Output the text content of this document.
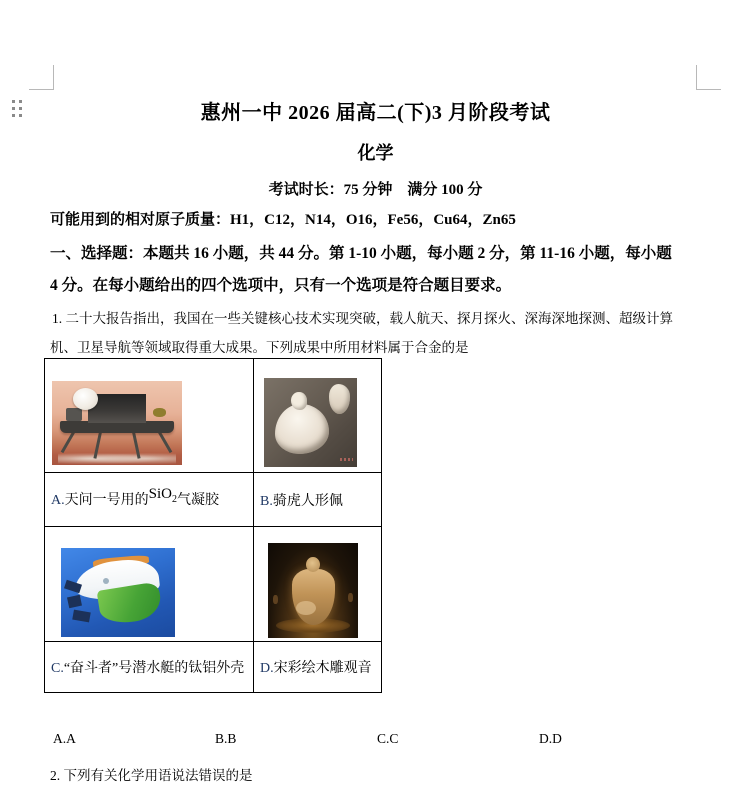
惠州一中 2026 届高二(下)3 月阶段考试
化学
考试时长：75 分钟　满分 100 分
可能用到的相对原子质量：H1，C12，N14，O16，Fe56，Cu64，Zn65
一、选择题：本题共 16 小题，共 44 分。第 1-10 小题，每小题 2 分，第 11-16 小题，每小题
4 分。在每小题给出的四个选项中，只有一个选项是符合题目要求。
1. 二十大报告指出，我国在一些关键核心技术实现突破，载人航天、探月探火、深海深地探测、超级计算
机、卫星导航等领域取得重大成果。下列成果中所用材料属于合金的是

A.天问一号用的SiO$_2$气凝胶	B.骑虎人形佩

C.“奋斗者”号潜水艇的钛铝外壳	D.宋彩绘木雕观音
A.A	B.B	C.C	D.D
2. 下列有关化学用语说法错误的是
